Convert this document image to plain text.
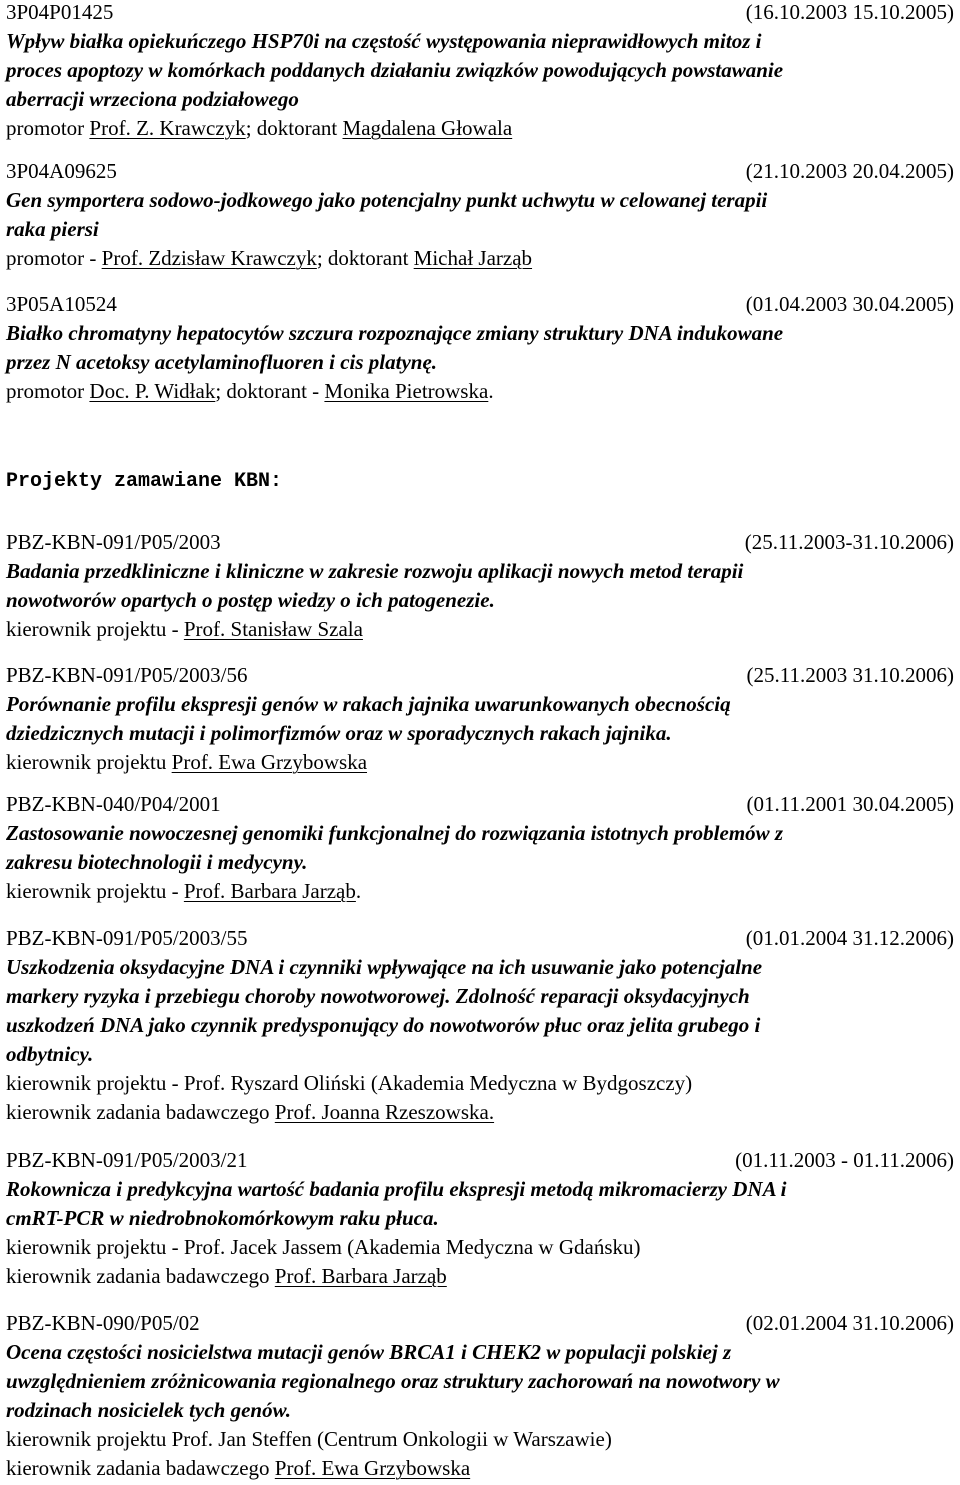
3P04P01425	(16.10.2003 15.10.2005)
Wpływ białka opiekuńczego HSP70i na częstość występowania nieprawidłowych mitoz i
proces apoptozy w komórkach poddanych działaniu związków powodujących powstawanie
aberracji wrzeciona podziałowego
promotor Prof. Z. Krawczyk; doktorant Magdalena Głowala
3P04A09625	(21.10.2003 20.04.2005)
Gen symportera sodowo-jodkowego jako potencjalny punkt uchwytu w celowanej terapii
raka piersi
promotor - Prof. Zdzisław Krawczyk; doktorant Michał Jarząb
3P05A10524	(01.04.2003 30.04.2005)
Białko chromatyny hepatocytów szczura rozpoznające zmiany struktury DNA indukowane
przez N acetoksy acetylaminofluoren i cis platynę.
promotor Doc. P. Widłak; doktorant - Monika Pietrowska.
Projekty zamawiane KBN:
PBZ-KBN-091/P05/2003	(25.11.2003-31.10.2006)
Badania przedkliniczne i kliniczne w zakresie rozwoju aplikacji nowych metod terapii
nowotworów opartych o postęp wiedzy o ich patogenezie.
kierownik projektu - Prof. Stanisław Szala
PBZ-KBN-091/P05/2003/56	(25.11.2003 31.10.2006)
Porównanie profilu ekspresji genów w rakach jajnika uwarunkowanych obecnością
dziedzicznych mutacji i polimorfizmów oraz w sporadycznych rakach jajnika.
kierownik projektu Prof. Ewa Grzybowska
PBZ-KBN-040/P04/2001	(01.11.2001 30.04.2005)
Zastosowanie nowoczesnej genomiki funkcjonalnej do rozwiązania istotnych problemów z
zakresu biotechnologii i medycyny.
kierownik projektu - Prof. Barbara Jarząb.
PBZ-KBN-091/P05/2003/55	(01.01.2004 31.12.2006)
Uszkodzenia oksydacyjne DNA i czynniki wpływające na ich usuwanie jako potencjalne
markery ryzyka i przebiegu choroby nowotworowej. Zdolność reparacji oksydacyjnych
uszkodzeń DNA jako czynnik predysponujący do nowotworów płuc oraz jelita grubego i
odbytnicy.
kierownik projektu - Prof. Ryszard Oliński (Akademia Medyczna w Bydgoszczy)
kierownik zadania badawczego Prof. Joanna Rzeszowska.
PBZ-KBN-091/P05/2003/21	(01.11.2003 - 01.11.2006)
Rokownicza i predykcyjna wartość badania profilu ekspresji metodą mikromacierzy DNA i
cmRT-PCR w niedrobnokomórkowym raku płuca.
kierownik projektu - Prof. Jacek Jassem (Akademia Medyczna w Gdańsku)
kierownik zadania badawczego Prof. Barbara Jarząb
PBZ-KBN-090/P05/02	(02.01.2004 31.10.2006)
Ocena częstości nosicielstwa mutacji genów BRCA1 i CHEK2 w populacji polskiej z
uwzględnieniem zróżnicowania regionalnego oraz struktury zachorowań na nowotwory w
rodzinach nosicielek tych genów.
kierownik projektu Prof. Jan Steffen (Centrum Onkologii w Warszawie)
kierownik zadania badawczego Prof. Ewa Grzybowska
